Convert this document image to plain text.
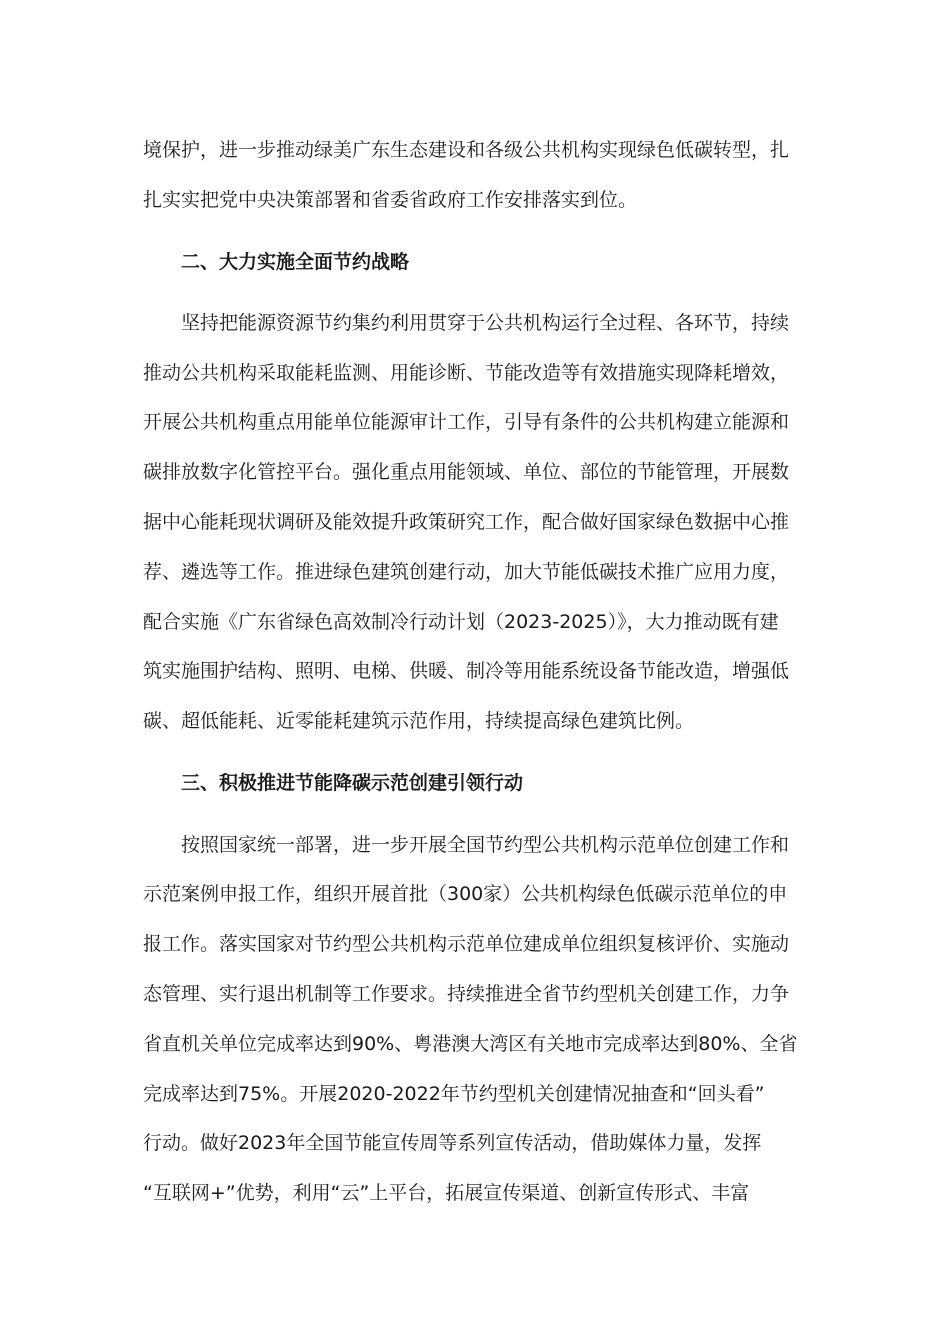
境保护，进一步推动绿美广东生态建设和各级公共机构实现绿色低碳转型，扎
扎实实把党中央决策部署和省委省政府工作安排落实到位。
二、大力实施全面节约战略
坚持把能源资源节约集约利用贯穿于公共机构运行全过程、各环节，持续
推动公共机构采取能耗监测、用能诊断、节能改造等有效措施实现降耗增效，
开展公共机构重点用能单位能源审计工作，引导有条件的公共机构建立能源和
碳排放数字化管控平台。强化重点用能领域、单位、部位的节能管理，开展数
据中心能耗现状调研及能效提升政策研究工作，配合做好国家绿色数据中心推
荐、遴选等工作。推进绿色建筑创建行动，加大节能低碳技术推广应用力度，
配合实施《广东省绿色高效制冷行动计划（2023-2025）》，大力推动既有建
筑实施围护结构、照明、电梯、供暖、制冷等用能系统设备节能改造，增强低
碳、超低能耗、近零能耗建筑示范作用，持续提高绿色建筑比例。
三、积极推进节能降碳示范创建引领行动
按照国家统一部署，进一步开展全国节约型公共机构示范单位创建工作和
示范案例申报工作，组织开展首批（300家）公共机构绿色低碳示范单位的申
报工作。落实国家对节约型公共机构示范单位建成单位组织复核评价、实施动
态管理、实行退出机制等工作要求。持续推进全省节约型机关创建工作，力争
省直机关单位完成率达到90%、粤港澳大湾区有关地市完成率达到80%、全省
完成率达到75%。开展2020-2022年节约型机关创建情况抽查和“回头看”
行动。做好2023年全国节能宣传周等系列宣传活动，借助媒体力量，发挥
“互联网+”优势，利用“云”上平台，拓展宣传渠道、创新宣传形式、丰富
